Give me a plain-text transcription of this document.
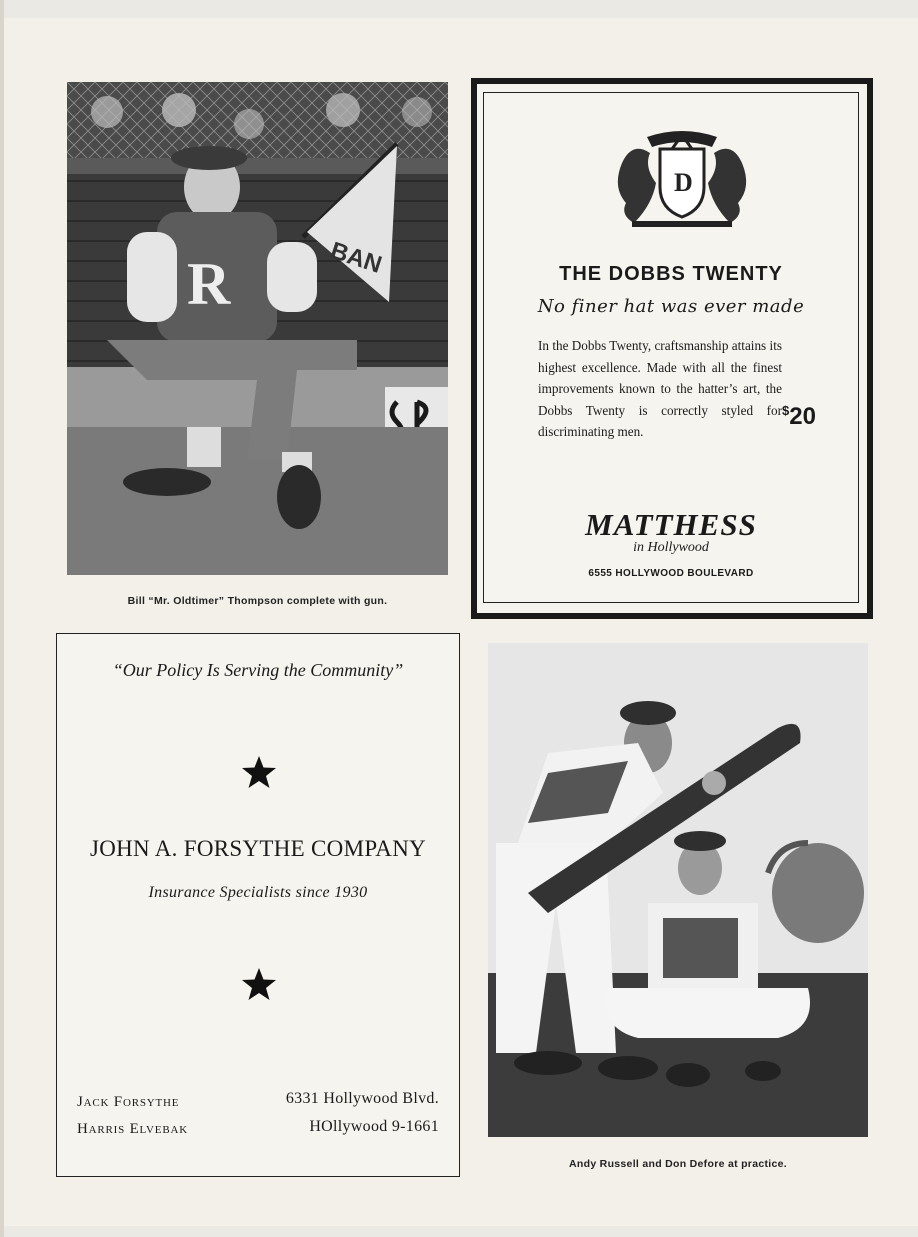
R	BAN
Bill “Mr. Oldtimer” Thompson complete with gun.
D
THE DOBBS TWENTY
No finer hat was ever made
In the Dobbs Twenty, craftsmanship attains its highest excellence. Made with all the finest improvements known to the hatter’s art, the Dobbs Twenty is correctly styled for discriminating men.
$20
MATTHESS
in Hollywood
6555 HOLLYWOOD BOULEVARD
“Our Policy Is Serving the Community”
JOHN A. FORSYTHE COMPANY
Insurance Specialists since 1930
Jack Forsythe
Harris Elvebak
6331 Hollywood Blvd.
HOllywood 9-1661
Andy Russell and Don Defore at practice.
